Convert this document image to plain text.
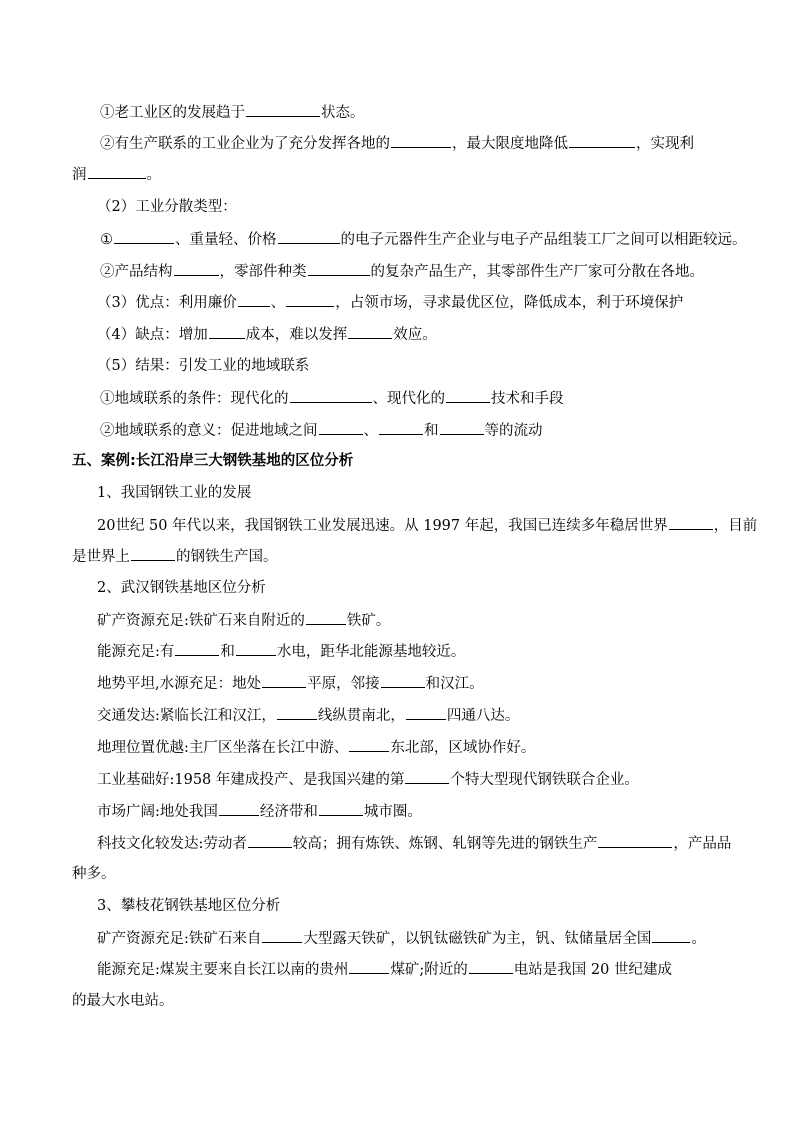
①老工业区的发展趋于	状态。
②有生产联系的工业企业为了充分发挥各地的	，最大限度地降低	，实现利
润	。
（2）工业分散类型：
①	、重量轻、价格	的电子元器件生产企业与电子产品组装工厂之间可以相距较远。
②产品结构	，零部件种类	的复杂产品生产，其零部件生产厂家可分散在各地。
（3）优点：利用廉价 、	，占领市场，寻求最优区位，降低成本，利于环境保护
（4）缺点：增加	成本，难以发挥	效应。
（5）结果：引发工业的地域联系
①地域联系的条件：现代化的	、现代化的	技术和手段
②地域联系的意义：促进地域之间	、	和	等的流动
五、案例:长江沿岸三大钢铁基地的区位分析
1、我国钢铁工业的发展
20世纪 50 年代以来，我国钢铁工业发展迅速。从 1997 年起，我国已连续多年稳居世界	，目前
是世界上	的钢铁生产国。
2、武汉钢铁基地区位分析
矿产资源充足:铁矿石来自附近的	铁矿。
能源充足:有	和	水电，距华北能源基地较近。
地势平坦,水源充足：地处	平原，邻接	和汉江。
交通发达:紧临长江和汉江，	线纵贯南北，	四通八达。
地理位置优越:主厂区坐落在长江中游、	东北部，区域协作好。
工业基础好:1958 年建成投产、是我国兴建的第	个特大型现代钢铁联合企业。
市场广阔:地处我国	经济带和	城市圈。
科技文化较发达:劳动者	较高；拥有炼铁、炼钢、轧钢等先进的钢铁生产	，产品品
种多。
3、攀枝花钢铁基地区位分析
矿产资源充足:铁矿石来自	大型露天铁矿，以钒钛磁铁矿为主，钒、钛储量居全国	。
能源充足:煤炭主要来自长江以南的贵州	煤矿;附近的	电站是我国 20 世纪建成
的最大水电站。
